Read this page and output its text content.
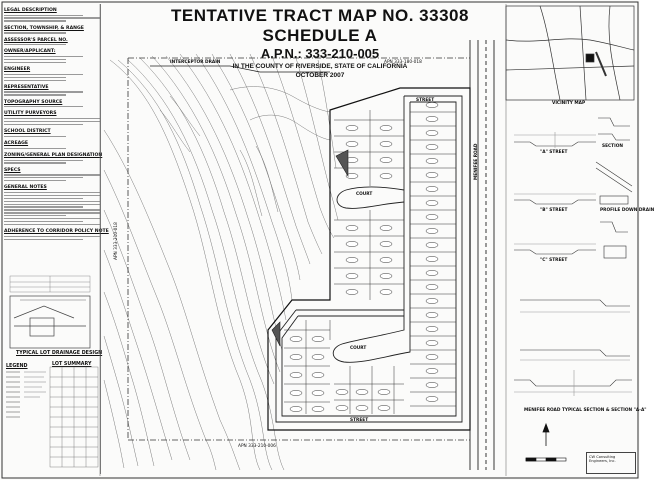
TENTATIVE TRACT MAP NO. 33308 SCHEDULE A
A.P.N.: 333-210-005
IN THE COUNTY OF RIVERSIDE, STATE OF CALIFORNIA
OCTOBER 2007
LEGAL DESCRIPTION
SECTION, TOWNSHIP, & RANGE
ASSESSOR'S PARCEL NO.
OWNER/APPLICANT:
ENGINEER
REPRESENTATIVE
TOPOGRAPHY SOURCE
UTILITY PURVEYORS
SCHOOL DISTRICT
ACREAGE
ZONING/GENERAL PLAN DESIGNATION
SPECS
GENERAL NOTES
ADHERENCE TO CORRIDOR POLICY NOTE
TYPICAL LOT DRAINAGE DESIGN
LEGEND	LOT SUMMARY
INTERCEPTOR DRAIN
STREET
COURT
COURT
STREET
MENIFEE ROAD
APN 333-210-018
APN 333-180-018
APN 333-210-006
VICINITY MAP
"A" STREET
"B" STREET
"C" STREET
SECTION
PROFILE DOWN DRAIN
MENIFEE ROAD TYPICAL SECTION & SECTION "A-A"
CW Consulting Engineers, Inc.
